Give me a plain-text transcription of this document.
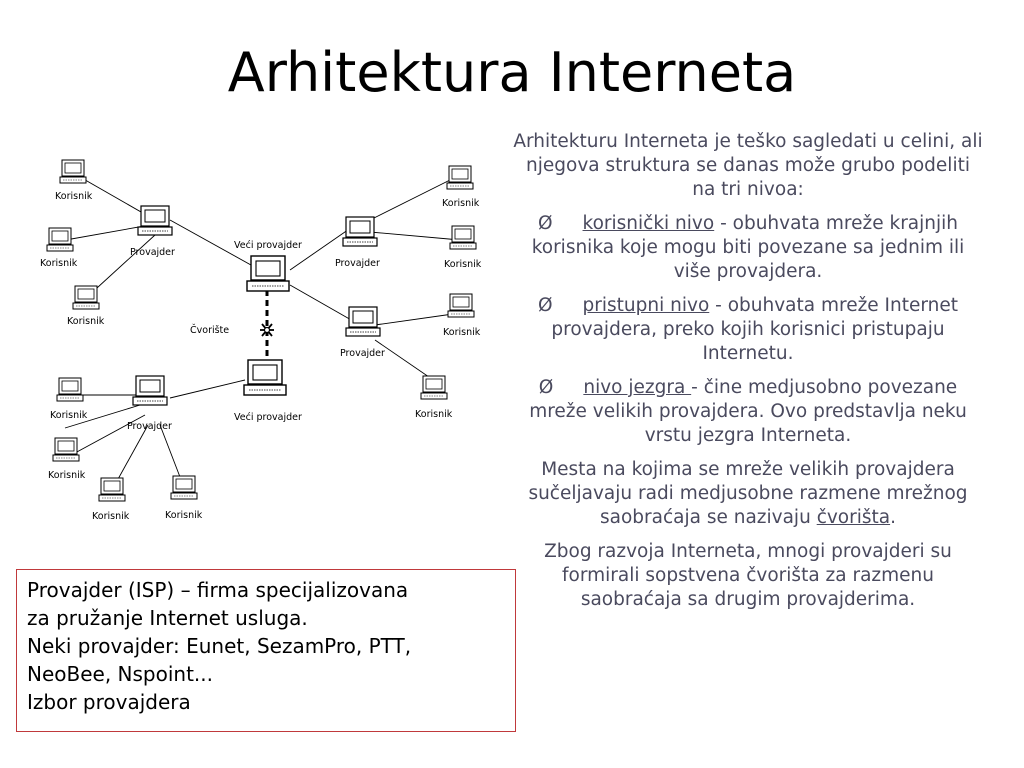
Arhitektura Interneta
Korisnik
Korisnik
Korisnik
Provajder
Veći provajder
Provajder
Korisnik
Korisnik
Korisnik
Provajder
Korisnik
Čvorište
Veći provajder
Provajder
Korisnik
Korisnik
Korisnik	Korisnik

Arhitekturu Interneta je teško sagledati u celini, ali njegova struktura se danas može grubo podeliti na tri nivoa:

Ø korisnički nivo - obuhvata mreže krajnjih korisnika koje mogu biti povezane sa jednim ili više provajdera.

Ø pristupni nivo - obuhvata mreže Internet provajdera, preko kojih korisnici pristupaju Internetu.

Ø nivo jezgra - čine medjusobno povezane mreže velikih provajdera. Ovo predstavlja neku vrstu jezgra Interneta.

Mesta na kojima se mreže velikih provajdera sučeljavaju radi medjusobne razmene mrežnog saobraćaja se nazivaju čvorišta.

Zbog razvoja Interneta, mnogi provajderi su formirali sopstvena čvorišta za razmenu saobraćaja sa drugim provajderima.

Provajder (ISP) – firma specijalizovana
za pružanje Internet usluga.
Neki provajder: Eunet, SezamPro, PTT,
NeoBee, Nspoint...
Izbor provajdera
